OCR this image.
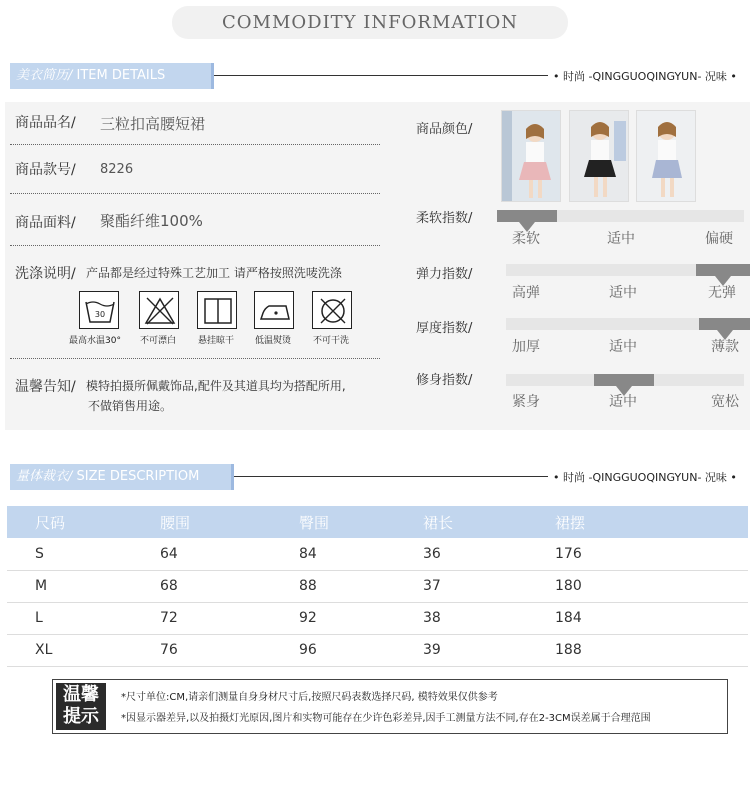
COMMODITY INFORMATION
美衣简历/ ITEM DETAILS	• 时尚 -QINGGUOQINGYUN- 况味 •
商品品名/ 三粒扣高腰短裙
商品款号/ 8226
商品面料/ 聚酯纤维100%
洗涤说明/ 产品都是经过特殊工艺加工 请严格按照洗唛洗涤
30
最高水温30°	不可漂白	悬挂晾干	低温熨烫	不可干洗
温馨告知/ 模特拍摄所佩戴饰品,配件及其道具均为搭配所用,
不做销售用途。
商品颜色/
柔软指数/
柔软	适中	偏硬
弹力指数/
高弹	适中	无弹
厚度指数/
加厚	适中	薄款
修身指数/
紧身	适中	宽松
量体裁衣/ SIZE DESCRIPTIOM	• 时尚 -QINGGUOQINGYUN- 况味 •
	尺码	腰围	臀围	裙长	裙摆
	S	64	84	36	176
	M	68	88	37	180
	L	72	92	38	184
	XL	76	96	39	188
温馨
提示
*尺寸单位:CM,请亲们测量自身身材尺寸后,按照尺码表数选择尺码, 模特效果仅供参考
*因显示器差异,以及拍摄灯光原因,图片和实物可能存在少许色彩差异,因手工测量方法不同,存在2-3CM误差属于合理范围
